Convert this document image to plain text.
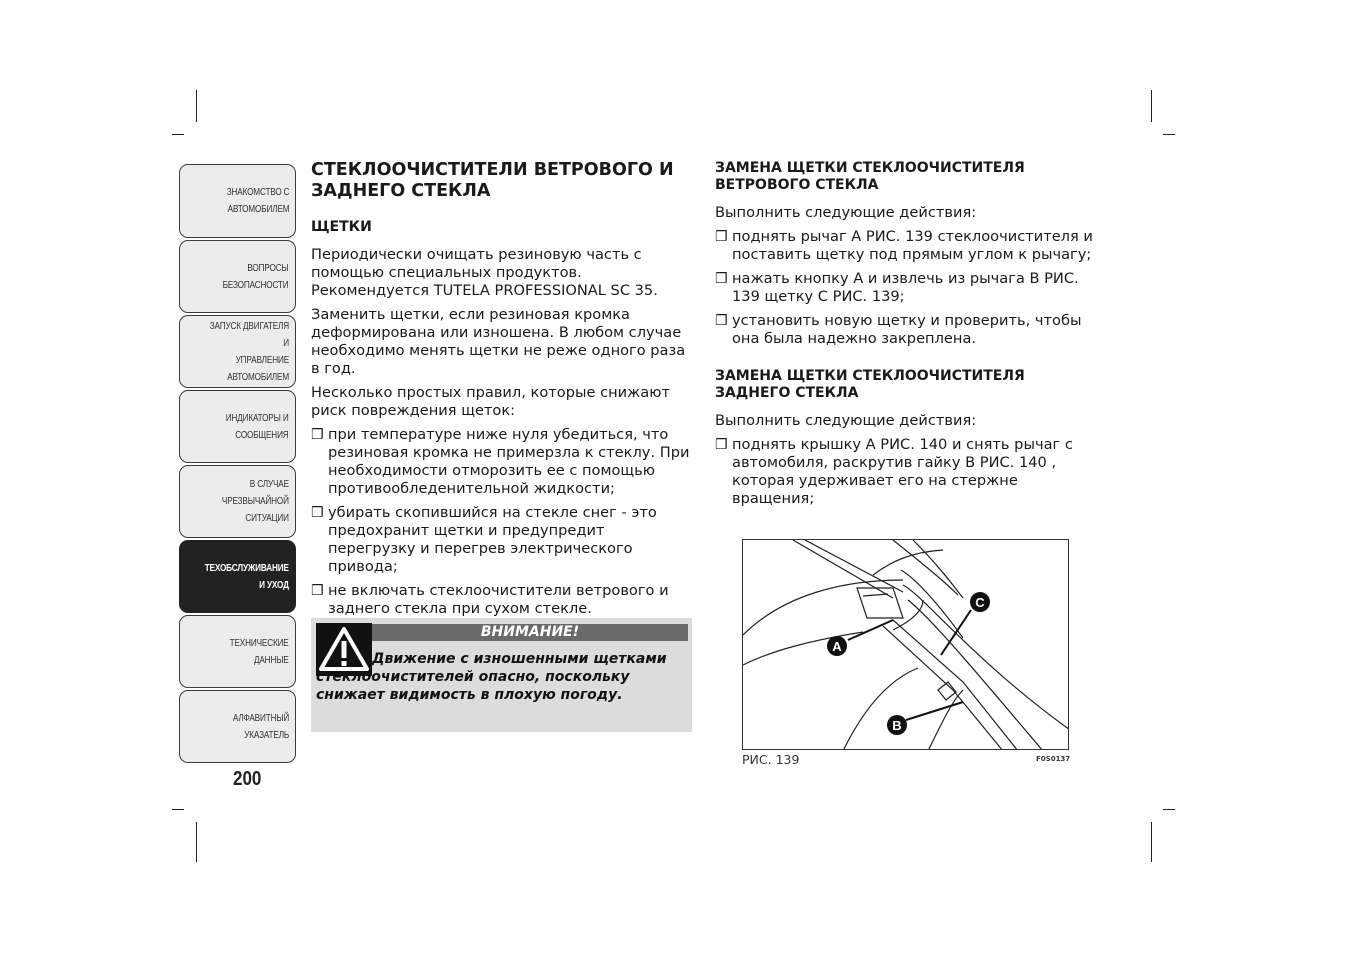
ЗНАКОМСТВО С
АВТОМОБИЛЕМ
ВОПРОСЫ
БЕЗОПАСНОСТИ
ЗАПУСК ДВИГАТЕЛЯ И
УПРАВЛЕНИЕ
АВТОМОБИЛЕМ
ИНДИКАТОРЫ И
СООБЩЕНИЯ
В СЛУЧАЕ
ЧРЕЗВЫЧАЙНОЙ
СИТУАЦИИ
ТЕХОБСЛУЖИВАНИЕ
И УХОД
ТЕХНИЧЕСКИЕ
ДАННЫЕ
АЛФАВИТНЫЙ
УКАЗАТЕЛЬ
200
СТЕКЛООЧИСТИТЕЛИ ВЕТРОВОГО И ЗАДНЕГО СТЕКЛА
ЩЕТКИ

Периодически очищать резиновую часть с помощью специальных продуктов. Рекомендуется TUTELA PROFESSIONAL SC 35.

Заменить щетки, если резиновая кромка деформирована или изношена. В любом случае необходимо менять щетки не реже одного раза в год.

Несколько простых правил, которые снижают риск повреждения щеток:

❒ при температуре ниже нуля убедиться, что резиновая кромка не примерзла к стеклу. При необходимости отморозить ее с помощью противообледенительной жидкости;

❒ убирать скопившийся на стекле снег - это предохранит щетки и предупредит перегрузку и перегрев электрического привода;

❒ не включать стеклоочистители ветрового и заднего стекла при сухом стекле.

ВНИМАНИЕ!
Движение с изношенными щетками стеклоочистителей опасно, поскольку снижает видимость в плохую погоду.
ЗАМЕНА ЩЕТКИ СТЕКЛООЧИСТИТЕЛЯ ВЕТРОВОГО СТЕКЛА

Выполнить следующие действия:

❒ поднять рычаг A РИС. 139 стеклоочистителя и поставить щетку под прямым углом к рычагу;

❒ нажать кнопку A и извлечь из рычага B РИС. 139 щетку C РИС. 139;

❒ установить новую щетку и проверить, чтобы она была надежно закреплена.

ЗАМЕНА ЩЕТКИ СТЕКЛООЧИСТИТЕЛЯ ЗАДНЕГО СТЕКЛА

Выполнить следующие действия:

❒ поднять крышку A РИС. 140 и снять рычаг с автомобиля, раскрутив гайку B РИС. 140 , которая удерживает его на стержне вращения;

A
C
B
РИС. 139	F0S0137
